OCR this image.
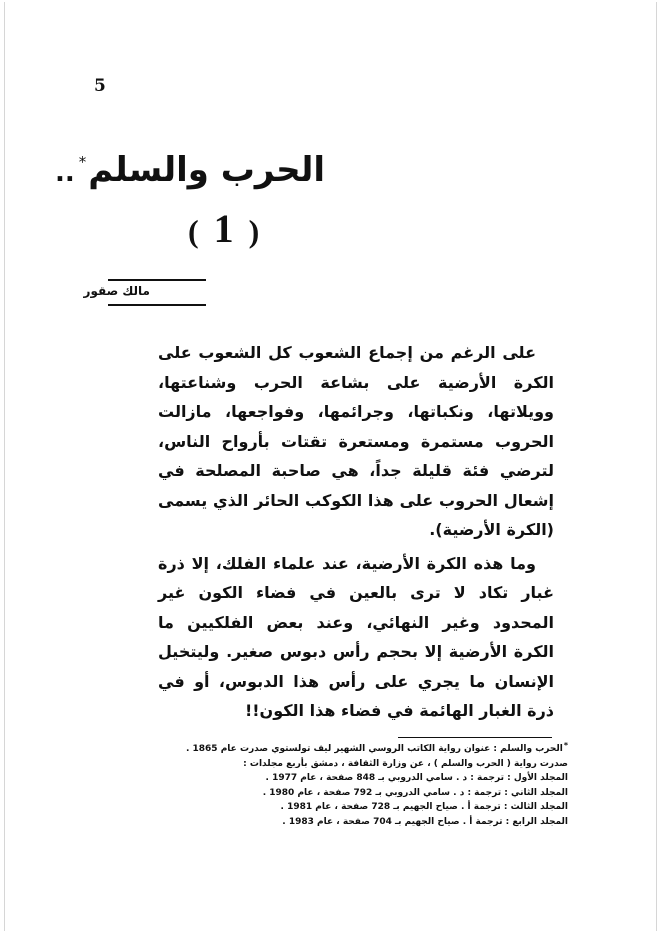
5
الحرب والسلم
*
..
( 1 )
مالك صقور

على الرغم من إجماع الشعوب كل الشعوب على الكرة الأرضية على بشاعة الحرب وشناعتها، وويلاتها، ونكباتها، وجرائمها، وفواجعها، مازالت الحروب مستمرة ومستعرة تقتات بأرواح الناس، لترضي فئة قليلة جداً، هي صاحبة المصلحة في إشعال الحروب على هذا الكوكب الحائر الذي يسمى (الكرة الأرضية).

وما هذه الكرة الأرضية، عند علماء الفلك، إلا ذرة غبار تكاد لا ترى بالعين في فضاء الكون غير المحدود وغير النهائي، وعند بعض الفلكيين ما الكرة الأرضية إلا بحجم رأس دبوس صغير. وليتخيل الإنسان ما يجري على رأس هذا الدبوس، أو في ذرة الغبار الهائمة في فضاء هذا الكون!!

*الحرب والسلم : عنوان رواية الكاتب الروسي الشهير ليف تولستوي صدرت عام 1865 .
صدرت رواية ( الحرب والسلم ) ، عن وزارة الثقافة ، دمشق بأربع مجلدات :
المجلد الأول : ترجمة : د . سامي الدروبي بـ 848 صفحة ، عام 1977 .
المجلد الثاني : ترجمة : د . سامي الدروبي بـ 792 صفحة ، عام 1980 .
المجلد الثالث : ترجمة أ . صياح الجهيم بـ 728 صفحة ، عام 1981 .
المجلد الرابع : ترجمة أ . صياح الجهيم بـ 704 صفحة ، عام 1983 .
